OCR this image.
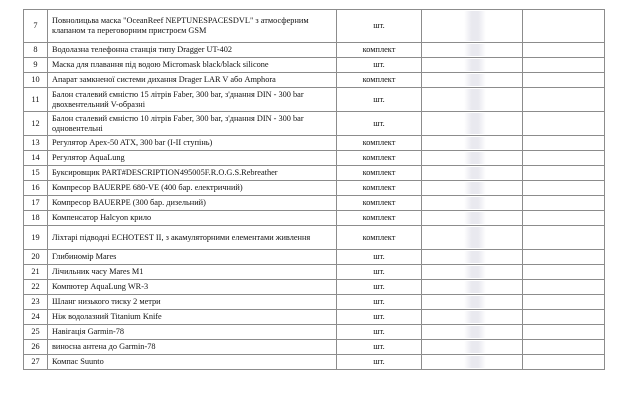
7	Повнолицьва маска "OceanReef NEPTUNESPACESDVL" з атмосферним клапаном та переговорним пристроєм GSM	шт.	

8	Водолазна телефонна станція типу Dragger UT-402	комплект	

9	Маска для плавання під водою Micromask black/black silicone	шт.	

10	Апарат замкненої системи дихання Drager LAR V або Amphora	комплект	

11	Балон сталевий ємністю 15 літрів Faber, 300 bar, з'днання DIN - 300 bar двохвентельний V-образні	шт.	

12	Балон сталевий ємністю 10 літрів Faber, 300 bar, з'днання DIN - 300 bar одновентельні	шт.	

13	Регулятор Apex-50 ATX, 300 bar (I-II ступінь)	комплект	

14	Регулятор AquaLung	комплект	

15	Буксировщик PART#DESCRIPTION495005F.R.O.G.S.Rebreather	комплект	

16	Компресор BAUERPE 680-VE (400 бар. електричний)	комплект	

17	Компресор BAUERPE (300 бар. дизельний)	комплект	

18	Компенсатор Halcyon крило	комплект	

19	Ліхтарі підводні ECHOTEST II, з акамуляторними елементами живлення	комплект	

20	Глибиномір Mares	шт.	

21	Лічильник часу Mares M1	шт.	

22	Компютер AquaLung WR-3	шт.	

23	Шланг низького тиску 2 метри	шт.	

24	Ніж водолазний Titanium Knife	шт.	

25	Навігація Garmin-78	шт.	

26	виносна антена до Garmin-78	шт.	

27	Компас Suunto	шт.	
